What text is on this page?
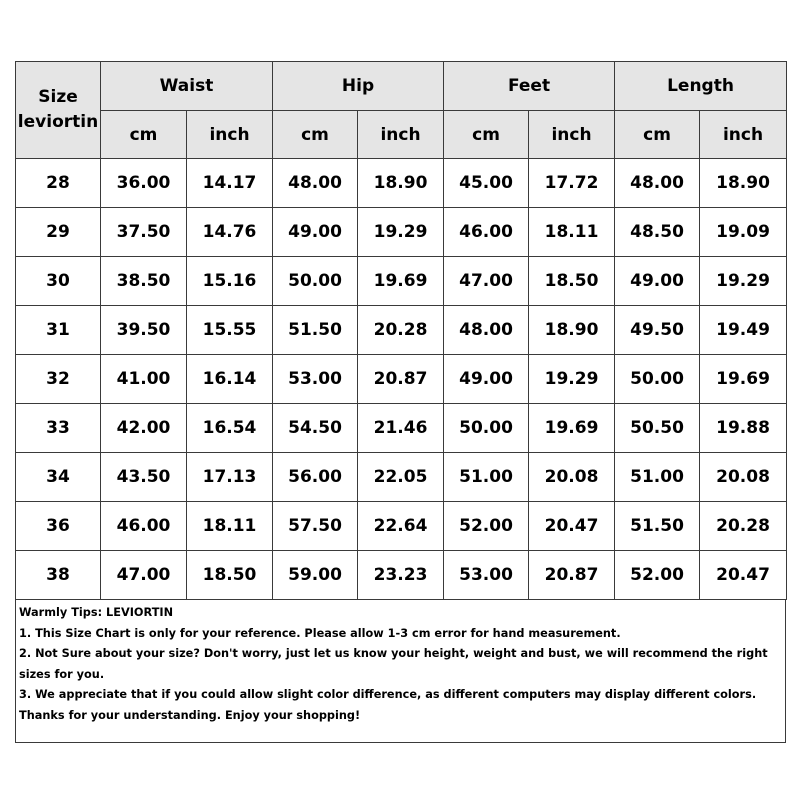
Size
leviortin	Waist		Hip		Feet		Length	
	cm	inch	cm	inch	cm	inch	cm	inch
28	36.00	14.17	48.00	18.90	45.00	17.72	48.00	18.90
29	37.50	14.76	49.00	19.29	46.00	18.11	48.50	19.09
30	38.50	15.16	50.00	19.69	47.00	18.50	49.00	19.29
31	39.50	15.55	51.50	20.28	48.00	18.90	49.50	19.49
32	41.00	16.14	53.00	20.87	49.00	19.29	50.00	19.69
33	42.00	16.54	54.50	21.46	50.00	19.69	50.50	19.88
34	43.50	17.13	56.00	22.05	51.00	20.08	51.00	20.08
36	46.00	18.11	57.50	22.64	52.00	20.47	51.50	20.28
38	47.00	18.50	59.00	23.23	53.00	20.87	52.00	20.47

Warmly Tips: LEVIORTIN

1. This Size Chart is only for your reference. Please allow 1-3 cm error for hand measurement.

2. Not Sure about your size? Don't worry, just let us know your height, weight and bust, we will recommend the right sizes for you.

3. We appreciate that if you could allow slight color difference, as different computers may display different colors.

Thanks for your understanding. Enjoy your shopping!
